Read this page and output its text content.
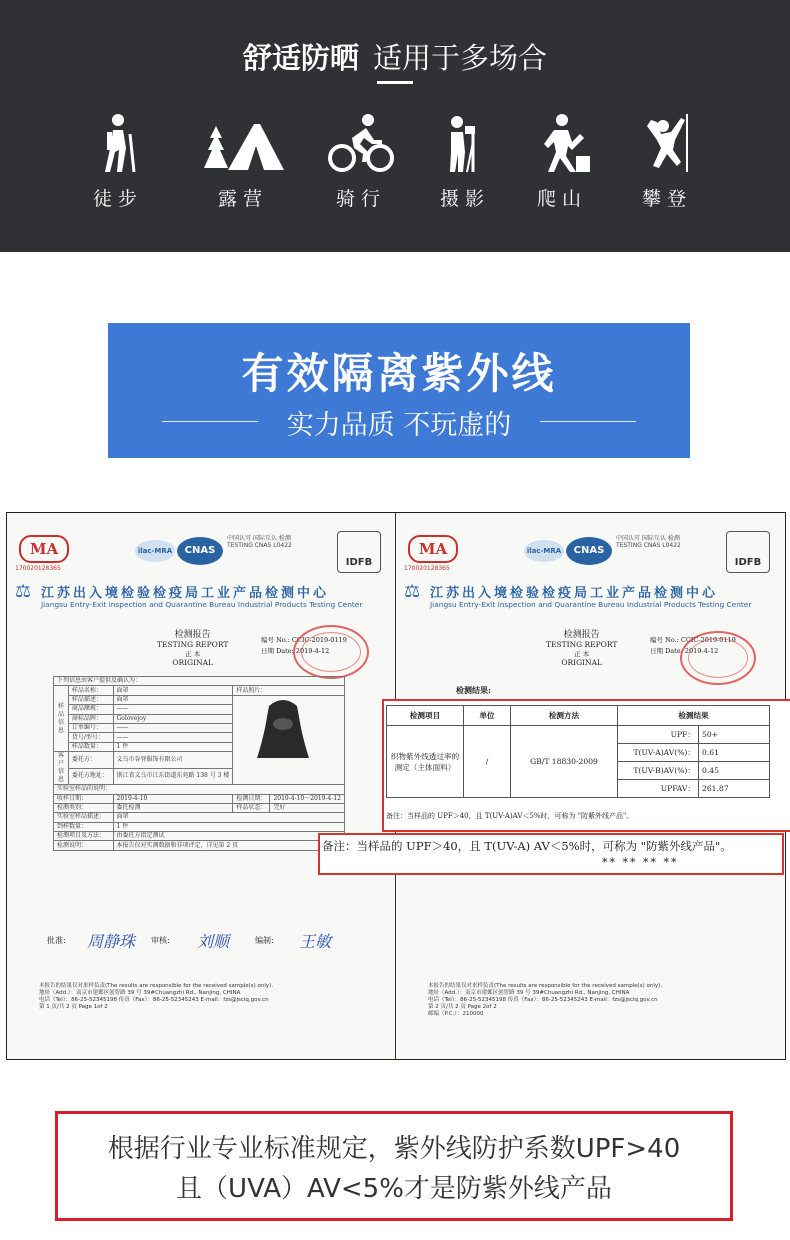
舒适防晒 适用于多场合
徒步	露营	骑行	摄影	爬山	攀登
有效隔离紫外线
实力品质 不玩虚的
MA
170020128365
ilac-MRA	CNAS
中国认可 国际互认 检测 TESTING CNAS L0422
IDFB
⚖ 江苏出入境检验检疫局工业产品检测中心
Jiangsu Entry-Exit Inspection and Quarantine Bureau Industrial Products Testing Center
检测报告
TESTING REPORT
正 本
ORIGINAL
编号 No.: CCIC-2019-0119
日期 Date: 2019-4-12
下列信息由客户提供及确认为：				
样品信息	样品名称：	面罩	样品照片：	
	样品描述：	面罩	

	商品额规：	——		
	商标品牌：	Golovejoy		
	订单编号：	——		
	货号/型号：	——		
	样品数量：	1 件		
客户信息	委托方：	义乌市谷登服饰有限公司		
	委托方地址：	浙江省义乌市江东街道东苑路 138 号 3 楼		
实验室样品的说明：				
收样日期：		2019-4-10	检测日期：	2019-4-10～2019-4-12
检测类别：		委托检测	样品状态：	完好
实验室样品描述：		面罩		
到样数量：		1 件		
检测项目及方法：		由委托方指定测试		
检测说明：		本报告仅对实测数据和非项评定，详见第 2 页		
批准: 周静珠 审核: 刘顺	编制: 王敏
本报告的结果仅对来样负责(The results are responsible for the received sample(s) only).
地址（Add.）：南京市建邺区创智路 39 号 39#Chuangzhi Rd., Nanjing, CHINA
电话（Tel）：86-25-52345198 传真（Fax）：86-25-52345243 E-mail：fzs@jsciq.gov.cn
第 1 页/共 2 页 Page 1of 2
MA
170020128365
ilac-MRA	CNAS
中国认可 国际互认 检测 TESTING CNAS L0422
IDFB
⚖ 江苏出入境检验检疫局工业产品检测中心
Jiangsu Entry-Exit Inspection and Quarantine Bureau Industrial Products Testing Center
检测报告
TESTING REPORT
正 本
ORIGINAL
编号 No.: CCIC-2019-0119
日期 Date: 2019-4-12
检测结果:
检测项目	单位	检测方法	检测结果	
织物紫外线透过率的测定（主体面料）	/	GB/T 18830-2009	UPF：	50+
			T(UV-A)AV(%)：	0.61
			T(UV-B)AV(%)：	0.45
			UPFAV：	261.87
备注：当样品的 UPF＞40，且 T(UV-A)AV＜5%时，可称为 "防紫外线产品"。
本报告的结果仅对来样负责(The results are responsible for the received sample(s) only).
地址（Add.）：南京市建邺区创智路 39 号 39#Chuangzhi Rd., Nanjing, CHINA
电话（Tel）：86-25-52345198 传真（Fax）：86-25-52345243 E-mail：fzs@jsciq.gov.cn
第 2 页/共 2 页 Page 2of 2
邮编（P.C.）：210000
备注：当样品的 UPF＞40，且 T(UV-A) AV＜5%时，可称为 "防紫外线产品"。
** ** ** **
根据行业专业标准规定，紫外线防护系数UPF>40
且（UVA）AV<5%才是防紫外线产品
